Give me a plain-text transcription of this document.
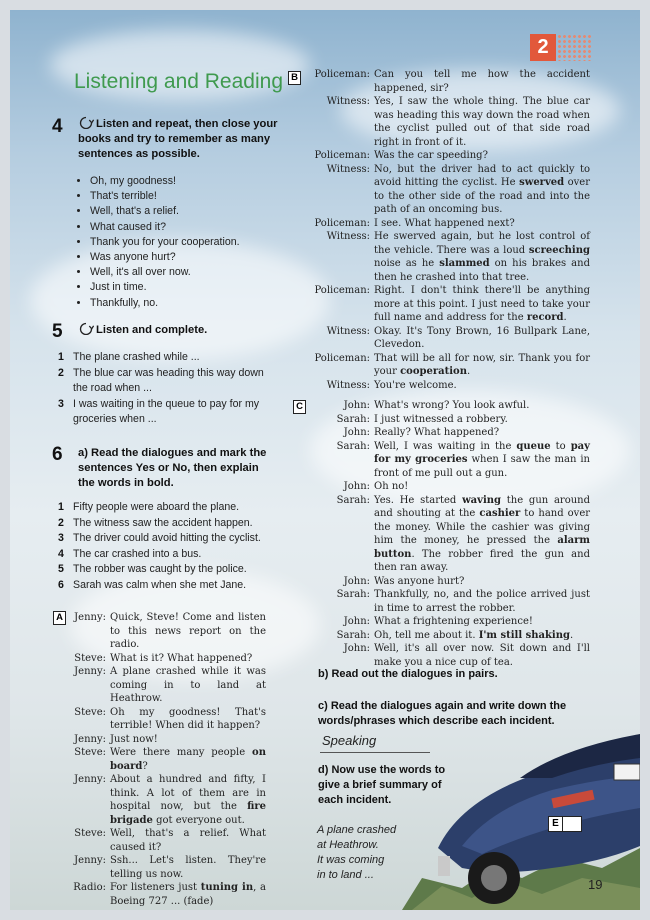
2
Listening and Reading
4	Listen and repeat, then close your books and try to remember as many sentences as possible.
• Oh, my goodness!
• That's terrible!
• Well, that's a relief.
• What caused it?
• Thank you for your cooperation.
• Was anyone hurt?
• Well, it's all over now.
• Just in time.
• Thankfully, no.
5	Listen and complete.
1 The plane crashed while ...
2 The blue car was heading this way down the road when ...
3 I was waiting in the queue to pay for my groceries when ...
6 a) Read the dialogues and mark the sentences Yes or No, then explain the words in bold.
1 Fifty people were aboard the plane.
2 The witness saw the accident happen.
3 The driver could avoid hitting the cyclist.
4 The car crashed into a bus.
5 The robber was caught by the police.
6 Sarah was calm when she met Jane.
A	Jenny: Quick, Steve! Come and listen to this news report on the radio.
Steve: What is it? What happened?
Jenny: A plane crashed while it was coming in to land at Heathrow.
Steve: Oh my goodness! That's terrible! When did it happen?
Jenny: Just now!
Steve: Were there many people on board?
Jenny: About a hundred and fifty, I think. A lot of them are in hospital now, but the fire brigade got everyone out.
Steve: Well, that's a relief. What caused it?
Jenny: Ssh... Let's listen. They're telling us now.
Radio: For listeners just tuning in, a Boeing 727 ... (fade)
B	Policeman: Can you tell me how the accident happened, sir?
Witness: Yes, I saw the whole thing. The blue car was heading this way down the road when the cyclist pulled out of that side road right in front of it.
Policeman: Was the car speeding?
Witness: No, but the driver had to act quickly to avoid hitting the cyclist. He swerved over to the other side of the road and into the path of an oncoming bus.
Policeman: I see. What happened next?
Witness: He swerved again, but he lost control of the vehicle. There was a loud screeching noise as he slammed on his brakes and then he crashed into that tree.
Policeman: Right. I don't think there'll be anything more at this point. I just need to take your full name and address for the record.
Witness: Okay. It's Tony Brown, 16 Bullpark Lane, Clevedon.
Policeman: That will be all for now, sir. Thank you for your cooperation.
Witness: You're welcome.
C	John: What's wrong? You look awful.
Sarah: I just witnessed a robbery.
John: Really? What happened?
Sarah: Well, I was waiting in the queue to pay for my groceries when I saw the man in front of me pull out a gun.
John: Oh no!
Sarah: Yes. He started waving the gun around and shouting at the cashier to hand over the money. While the cashier was giving him the money, he pressed the alarm button. The robber fired the gun and then ran away.
John: Was anyone hurt?
Sarah: Thankfully, no, and the police arrived just in time to arrest the robber.
John: What a frightening experience!
Sarah: Oh, tell me about it. I'm still shaking.
John: Well, it's all over now. Sit down and I'll make you a nice cup of tea.
b) Read out the dialogues in pairs.
c) Read the dialogues again and write down the words/phrases which describe each incident.
Speaking
d) Now use the words to give a brief summary of each incident.
A plane crashed
at Heathrow.
It was coming
in to land ...
E
19
